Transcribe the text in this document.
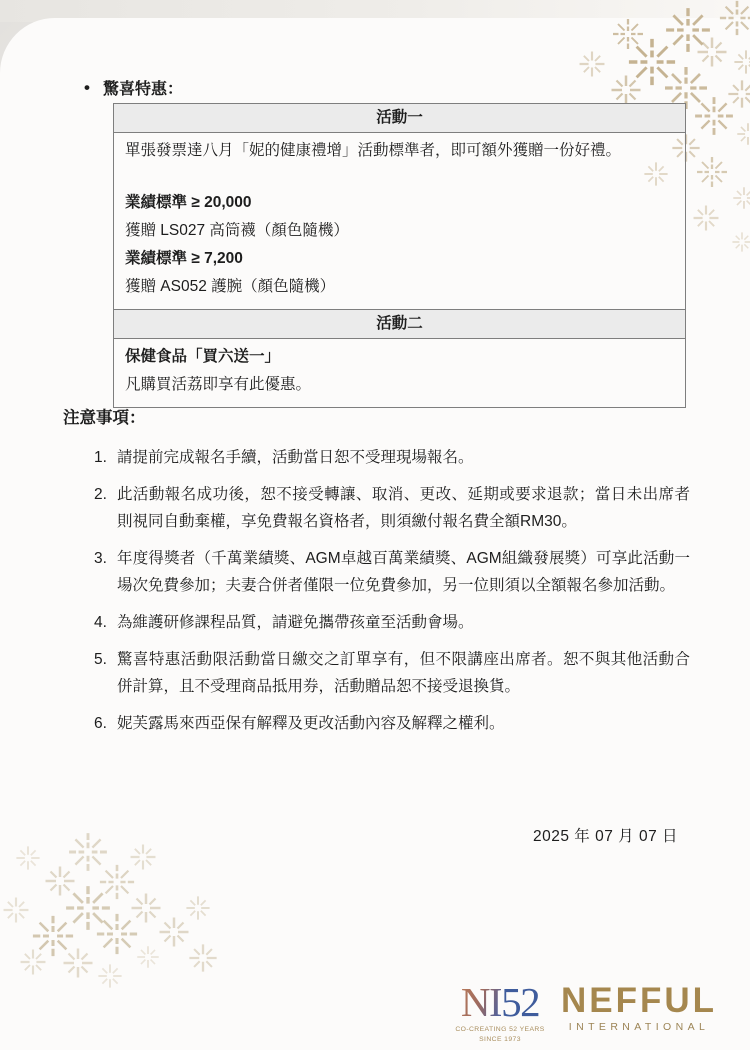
• 驚喜特惠：
活動一

單張發票達八月「妮的健康禮增」活動標準者，即可額外獲贈一份好禮。

業績標準 ≥ 20,000

獲贈 LS027 高筒襪（顏色隨機）

業績標準 ≥ 7,200

獲贈 AS052 護腕（顏色隨機）

活動二

保健食品「買六送一」

凡購買活荔即享有此優惠。

注意事項：

1. 請提前完成報名手續，活動當日恕不受理現場報名。
2. 此活動報名成功後，恕不接受轉讓、取消、更改、延期或要求退款；當日未出席者則視同自動棄權，享免費報名資格者，則須繳付報名費全額RM30。
3. 年度得獎者（千萬業績獎、AGM卓越百萬業績獎、AGM組織發展獎）可享此活動一場次免費參加；夫妻合併者僅限一位免費參加，另一位則須以全額報名參加活動。
4. 為維護研修課程品質，請避免攜帶孩童至活動會場。
5. 驚喜特惠活動限活動當日繳交之訂單享有，但不限講座出席者。恕不與其他活動合併計算，且不受理商品抵用券，活動贈品恕不接受退換貨。
6. 妮芙露馬來西亞保有解釋及更改活動內容及解釋之權利。
2025 年 07 月 07 日
NI52
CO-CREATING 52 YEARS
SINCE 1973
NEFFUL
INTERNATIONAL
